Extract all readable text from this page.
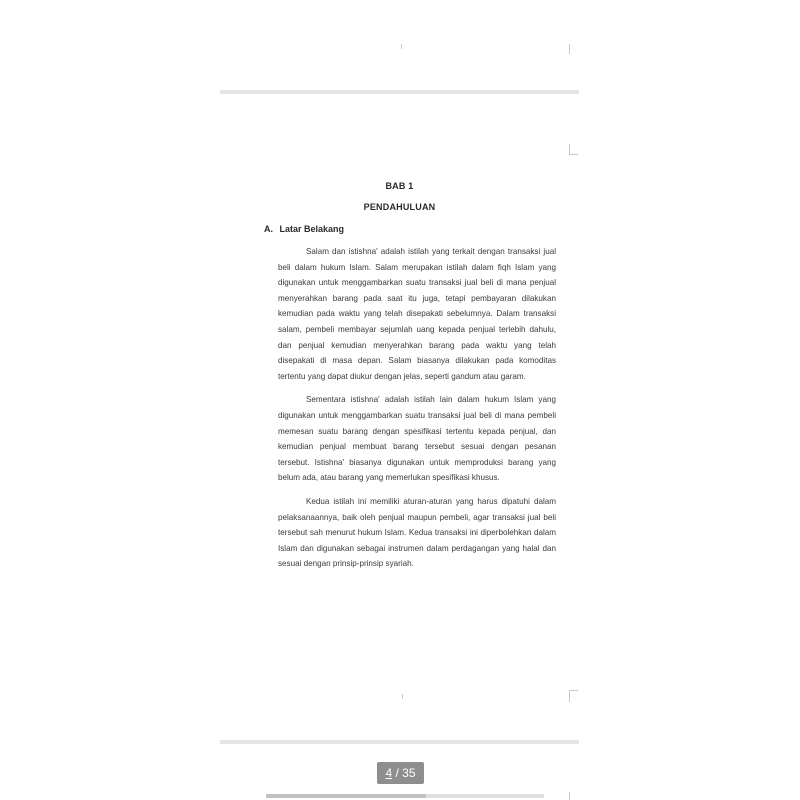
BAB 1
PENDAHULUAN
A. Latar Belakang

Salam dan istishna' adalah istilah yang terkait dengan transaksi jual beli dalam hukum Islam. Salam merupakan istilah dalam fiqh Islam yang digunakan untuk menggambarkan suatu transaksi jual beli di mana penjual menyerahkan barang pada saat itu juga, tetapi pembayaran dilakukan kemudian pada waktu yang telah disepakati sebelumnya. Dalam transaksi salam, pembeli membayar sejumlah uang kepada penjual terlebih dahulu, dan penjual kemudian menyerahkan barang pada waktu yang telah disepakati di masa depan. Salam biasanya dilakukan pada komoditas tertentu yang dapat diukur dengan jelas, seperti gandum atau garam.

Sementara istishna' adalah istilah lain dalam hukum Islam yang digunakan untuk menggambarkan suatu transaksi jual beli di mana pembeli memesan suatu barang dengan spesifikasi tertentu kepada penjual, dan kemudian penjual membuat barang tersebut sesuai dengan pesanan tersebut. Istishna' biasanya digunakan untuk memproduksi barang yang belum ada, atau barang yang memerlukan spesifikasi khusus.

Kedua istilah ini memiliki aturan-aturan yang harus dipatuhi dalam pelaksanaannya, baik oleh penjual maupun pembeli, agar transaksi jual beli tersebut sah menurut hukum Islam. Kedua transaksi ini diperbolehkan dalam Islam dan digunakan sebagai instrumen dalam perdagangan yang halal dan sesuai dengan prinsip-prinsip syariah.

4 / 35
